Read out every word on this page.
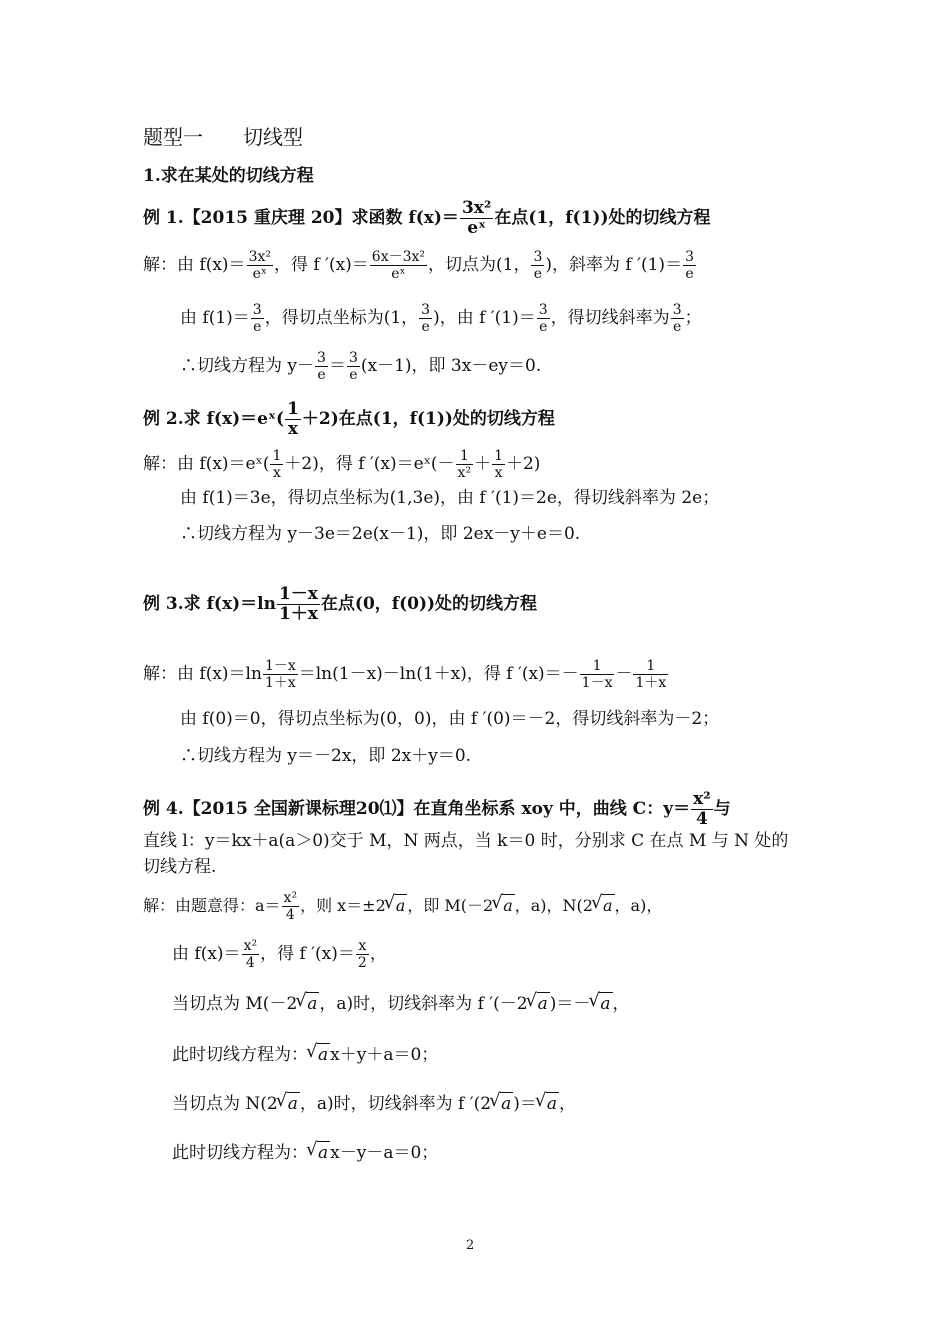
题型一　　切线型
1.求在某处的切线方程
例 1.【2015 重庆理 20】求函数 $f(x)= \frac{\text{3x²}}{\text{eˣ}}$ 在点(1，f(1))处的切线方程
解：由 $f(x)= \frac{\text{3x²}}{\text{eˣ}}$ ，得 f $'(x)= \frac{\text{6x－3x²}}{\text{eˣ}}$ ，切点为(1， $\frac{3}{e}$ )，斜率为 f $'(1)= \frac{3}{e}$
由 $f(1)= \frac{3}{e}$ ，得切点坐标为(1， $\frac{3}{e}$ )，由 f $'(1)= \frac{3}{e}$ ，得切线斜率为 $\frac{3}{e}$ ；
∴切线方程为 $y- \frac{3}{e} = \frac{3}{e} (x-1)$，即 3x－ey＝0.
例 2.求 f(x)＝eˣ( $\frac{1}{x} +2$)在点(1，f(1))处的切线方程
解：由 f(x)＝eˣ( $\frac{1}{x} +2$)，得 f ′(x)＝eˣ(－ $\frac{1}{\text{x²}} + \frac{1}{x} +2$)
由 f(1)＝3e，得切点坐标为(1,3e)，由 f ′(1)＝2e，得切线斜率为 2e；
∴切线方程为 y－3e＝2e(x－1)，即 2ex－y＋e＝0.
例 3.求 $f(x)=\ln \frac{1-x}{1+x}$ 在点(0，f(0))处的切线方程
解：由 $f(x)=\ln \frac{1-x}{1+x} =\ln(1-x)-\ln(1+x)$，得 f $'(x)=- \frac{1}{1-x} - \frac{1}{1+x}$
由 f(0)＝0，得切点坐标为(0，0)，由 f ′(0)＝－2，得切线斜率为－2；
∴切线方程为 y＝－2x，即 2x＋y＝0.
例 4.【2015 全国新课标理20⑴】在直角坐标系 xoy 中，曲线 C：$y= \frac{\text{x²}}{4}$ 与
直线 l：y＝kx＋a(a＞0)交于 M，N 两点，当 k＝0 时，分别求 C 在点 M 与 N 处的
切线方程.
解：由题意得：$a= \frac{\text{x²}}{4}$ ，则 x＝±2 √ a ，即 M(－2 √ a ，a)，N(2 √ a ，a)，
由 $f(x)= \frac{\text{x²}}{4}$ ，得 f $'(x)= \frac{x}{2}$ ，
当切点为 M(－2 √ a ，a)时，切线斜率为 f ′(－2 √ a )＝－ √ a ，
此时切线方程为： √ a x＋y＋a＝0；
当切点为 N(2 √ a ，a)时，切线斜率为 f ′(2 √ a )＝ √ a ，
此时切线方程为： √ a x－y－a＝0；
2
